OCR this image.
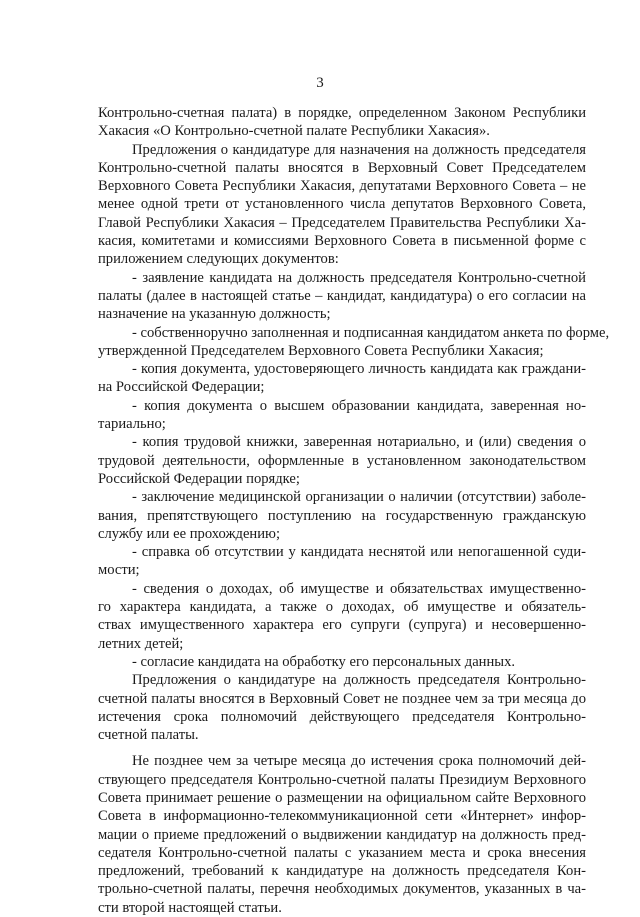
3
Контрольно-счетная палата) в порядке, определенном Законом Республики
Хакасия «О Контрольно-счетной палате Республики Хакасия».
Предложения о кандидатуре для назначения на должность председателя
Контрольно-счетной палаты вносятся в Верховный Совет Председателем
Верховного Совета Республики Хакасия, депутатами Верховного Совета – не
менее одной трети от установленного числа депутатов Верховного Совета,
Главой Республики Хакасия – Председателем Правительства Республики Ха-
касия, комитетами и комиссиями Верховного Совета в письменной форме с
приложением следующих документов:
- заявление кандидата на должность председателя Контрольно-счетной
палаты (далее в настоящей статье – кандидат, кандидатура) о его согласии на
назначение на указанную должность;
- собственноручно заполненная и подписанная кандидатом анкета по форме,
утвержденной Председателем Верховного Совета Республики Хакасия;
- копия документа, удостоверяющего личность кандидата как граждани-
на Российской Федерации;
- копия документа о высшем образовании кандидата, заверенная но-
тариально;
- копия трудовой книжки, заверенная нотариально, и (или) сведения о
трудовой деятельности, оформленные в установленном законодательством
Российской Федерации порядке;
- заключение медицинской организации о наличии (отсутствии) заболе-
вания, препятствующего поступлению на государственную гражданскую
службу или ее прохождению;
- справка об отсутствии у кандидата неснятой или непогашенной суди-
мости;
- сведения о доходах, об имуществе и обязательствах имущественно-
го характера кандидата, а также о доходах, об имуществе и обязатель-
ствах имущественного характера его супруги (супруга) и несовершенно-
летних детей;
- согласие кандидата на обработку его персональных данных.
Предложения о кандидатуре на должность председателя Контрольно-
счетной палаты вносятся в Верховный Совет не позднее чем за три месяца до
истечения срока полномочий действующего председателя Контрольно-
счетной палаты.
Не позднее чем за четыре месяца до истечения срока полномочий дей-
ствующего председателя Контрольно-счетной палаты Президиум Верховного
Совета принимает решение о размещении на официальном сайте Верховного
Совета в информационно-телекоммуникационной сети «Интернет» инфор-
мации о приеме предложений о выдвижении кандидатур на должность пред-
седателя Контрольно-счетной палаты с указанием места и срока внесения
предложений, требований к кандидатуре на должность председателя Кон-
трольно-счетной палаты, перечня необходимых документов, указанных в ча-
сти второй настоящей статьи.
